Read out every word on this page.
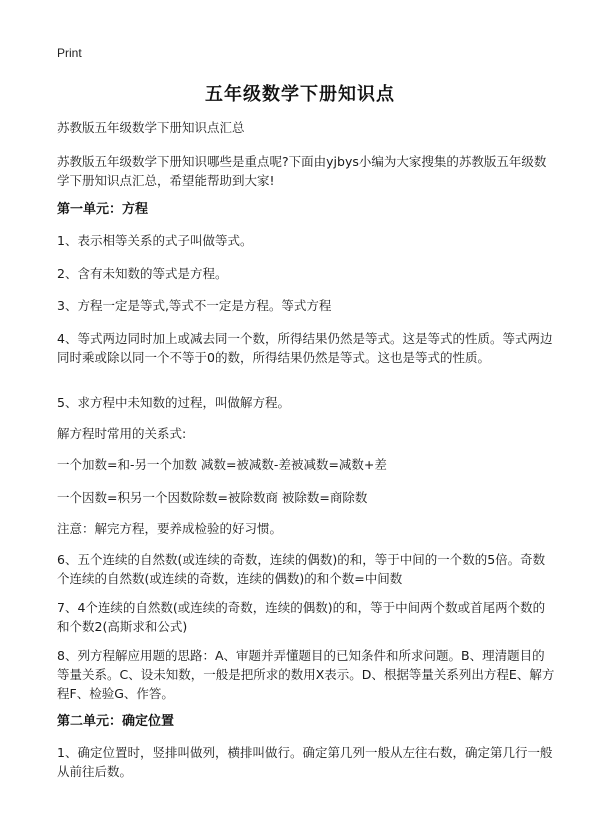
Print
五年级数学下册知识点
苏教版五年级数学下册知识点汇总
苏教版五年级数学下册知识哪些是重点呢?下面由yjbys小编为大家搜集的苏教版五年级数学下册知识点汇总，希望能帮助到大家!
第一单元：方程
1、表示相等关系的式子叫做等式。
2、含有未知数的等式是方程。
3、方程一定是等式,等式不一定是方程。等式方程
4、等式两边同时加上或减去同一个数，所得结果仍然是等式。这是等式的性质。等式两边同时乘或除以同一个不等于0的数，所得结果仍然是等式。这也是等式的性质。
5、求方程中未知数的过程，叫做解方程。
解方程时常用的关系式:
一个加数=和-另一个加数 减数=被减数-差被减数=减数+差
一个因数=积另一个因数除数=被除数商 被除数=商除数
注意：解完方程，要养成检验的好习惯。
6、五个连续的自然数(或连续的奇数，连续的偶数)的和，等于中间的一个数的5倍。奇数个连续的自然数(或连续的奇数，连续的偶数)的和个数=中间数
7、4个连续的自然数(或连续的奇数，连续的偶数)的和，等于中间两个数或首尾两个数的和个数2(高斯求和公式)
8、列方程解应用题的思路：A、审题并弄懂题目的已知条件和所求问题。B、理清题目的等量关系。C、设未知数，一般是把所求的数用X表示。D、根据等量关系列出方程E、解方程F、检验G、作答。
第二单元：确定位置
1、确定位置时，竖排叫做列，横排叫做行。确定第几列一般从左往右数，确定第几行一般从前往后数。
